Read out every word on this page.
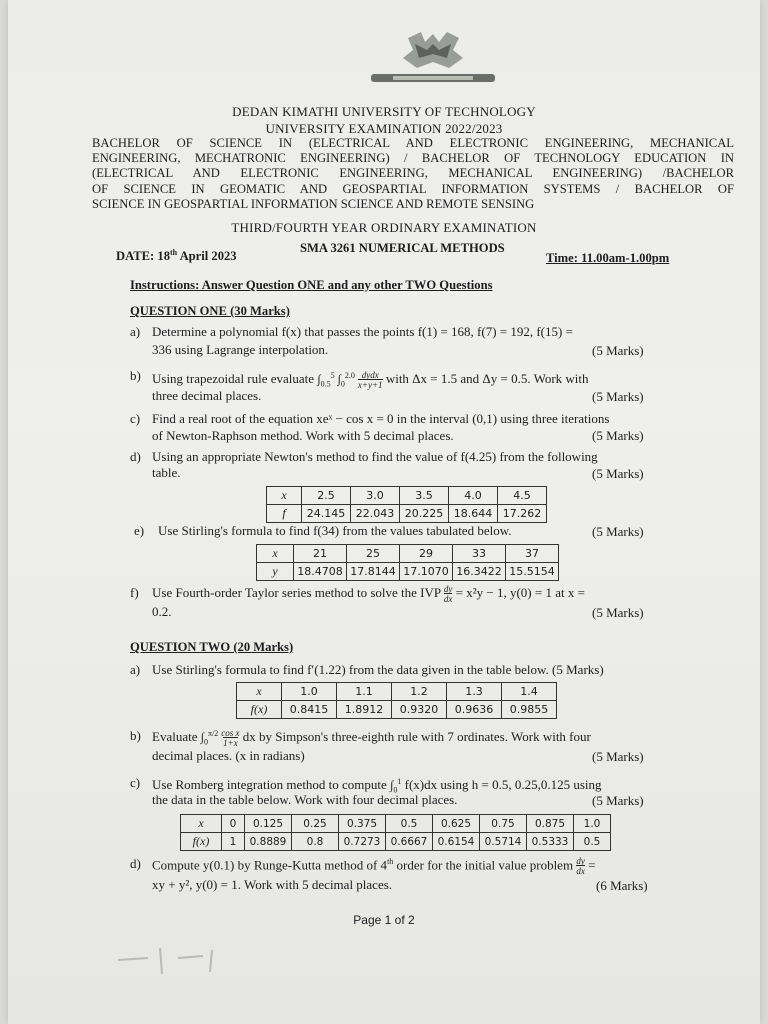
DEDAN KIMATHI UNIVERSITY OF TECHNOLOGY
UNIVERSITY EXAMINATION 2022/2023
BACHELOR OF SCIENCE IN (ELECTRICAL AND ELECTRONIC ENGINEERING, MECHANICAL
ENGINEERING, MECHATRONIC ENGINEERING) / BACHELOR OF TECHNOLOGY EDUCATION IN
(ELECTRICAL AND ELECTRONIC ENGINEERING, MECHANICAL ENGINEERING) /BACHELOR
OF SCIENCE IN GEOMATIC AND GEOSPARTIAL INFORMATION SYSTEMS / BACHELOR OF
SCIENCE IN GEOSPARTIAL INFORMATION SCIENCE AND REMOTE SENSING
THIRD/FOURTH YEAR ORDINARY EXAMINATION
SMA 3261 NUMERICAL METHODS
DATE: 18th April 2023	Time: 11.00am-1.00pm
Instructions: Answer Question ONE and any other TWO Questions
QUESTION ONE (30 Marks)
a) Determine a polynomial f(x) that passes the points f(1) = 168, f(7) = 192, f(15) =
336 using Lagrange interpolation.	(5 Marks)
b) Using trapezoidal rule evaluate $\int_{0.5}^5$ $\int_0^{2.0}$ dydx
x+y+1 with Δx = 1.5 and Δy = 0.5. Work with
three decimal places.	(5 Marks)
c) Find a real root of the equation xeˣ − cos x = 0 in the interval (0,1) using three iterations
of Newton-Raphson method. Work with 5 decimal places.	(5 Marks)
d) Using an appropriate Newton's method to find the value of f(4.25) from the following
table.	(5 Marks)
x	2.5	3.0	3.5	4.0	4.5
f	24.145	22.043	20.225	18.644	17.262
e) Use Stirling's formula to find f(34) from the values tabulated below.	(5 Marks)
x	21	25	29	33	37
y	18.4708	17.8144	17.1070	16.3422	15.5154
f) Use Fourth-order Taylor series method to solve the IVP $\frac{dy}{dx} = x^2y - 1$, y(0) = 1 at x =
0.2.	(5 Marks)
QUESTION TWO (20 Marks)
a) Use Stirling's formula to find f′(1.22) from the data given in the table below. (5 Marks)
x	1.0	1.1	1.2	1.3	1.4
f(x)	0.8415	1.8912	0.9320	0.9636	0.9855
b) Evaluate $\int_0^{\pi/2} \frac{\text{cos x}}{1+x}$ dx by Simpson's three-eighth rule with 7 ordinates. Work with four
decimal places. (x in radians)	(5 Marks)
c) Use Romberg integration method to compute $\int_0^1$ f(x)dx using h = 0.5, 0.25,0.125 using
the data in the table below. Work with four decimal places.	(5 Marks)
x	0	0.125	0.25	0.375	0.5	0.625	0.75	0.875	1.0
f(x)	1	0.8889	0.8	0.7273	0.6667	0.6154	0.5714	0.5333	0.5
d) Compute y(0.1) by Runge-Kutta method of 4th order for the initial value problem $\frac{dy}{dx}$ =
xy + y², y(0) = 1. Work with 5 decimal places.	(6 Marks)
Page 1 of 2
